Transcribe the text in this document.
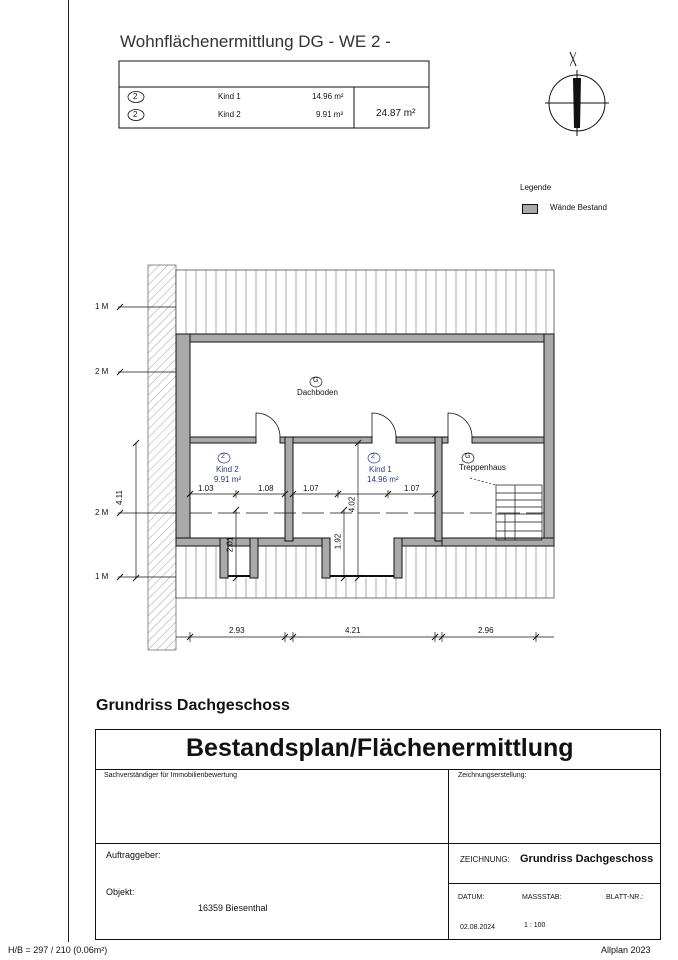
Wohnflächenermittlung DG - WE 2 -
2	Kind 1	14.96 m²
2	Kind 2	9.91 m²	24.87 m²
Legende
Wände Bestand
1 M
2 M
2 M
1 M
G
Dachboden
2
Kind 2
9.91 m²
2
Kind 1
14.96 m²
G
Treppenhaus
1.03	1.08	1.07	1.07
4.11	4.02
1.92
2.01
2.93	4.21	2.96
Grundriss Dachgeschoss
Bestandsplan/Flächenermittlung
Sachverständiger für Immobilienbewertung	Zeichnungserstellung:
Auftraggeber:	ZEICHNUNG: Grundriss Dachgeschoss
Objekt:
16359 Biesenthal
DATUM:	MASSSTAB:	BLATT-NR.:
02.08.2024	1 : 100
H/B = 297 / 210 (0.06m²)	Allplan 2023
